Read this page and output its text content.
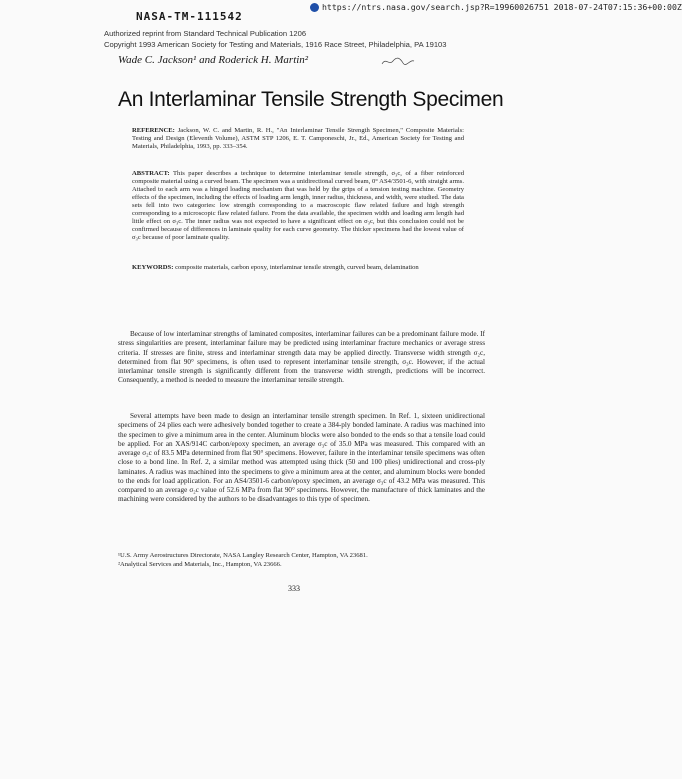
https://ntrs.nasa.gov/search.jsp?R=19960026751 2018-07-24T07:15:36+00:00Z
NASA-TM-111542
Authorized reprint from Standard Technical Publication 1206
Copyright 1993 American Society for Testing and Materials, 1916 Race Street, Philadelphia, PA 19103
Wade C. Jackson¹ and Roderick H. Martin²
An Interlaminar Tensile Strength Specimen
REFERENCE: Jackson, W. C. and Martin, R. H., "An Interlaminar Tensile Strength Specimen," Composite Materials: Testing and Design (Eleventh Volume), ASTM STP 1206, E. T. Camponeschi, Jr., Ed., American Society for Testing and Materials, Philadelphia, 1993, pp. 333–354.
ABSTRACT: This paper describes a technique to determine interlaminar tensile strength, σ₃c, of a fiber reinforced composite material using a curved beam. The specimen was a unidirectional curved beam, 0° AS4/3501-6, with straight arms. Attached to each arm was a hinged loading mechanism that was held by the grips of a tension testing machine. Geometry effects of the specimen, including the effects of loading arm length, inner radius, thickness, and width, were studied. The data sets fell into two categories: low strength corresponding to a macroscopic flaw related failure and high strength corresponding to a microscopic flaw related failure. From the data available, the specimen width and loading arm length had little effect on σ₃c. The inner radius was not expected to have a significant effect on σ₃c, but this conclusion could not be confirmed because of differences in laminate quality for each curve geometry. The thicker specimens had the lowest value of σ₃c because of poor laminate quality.
KEYWORDS: composite materials, carbon epoxy, interlaminar tensile strength, curved beam, delamination

Because of low interlaminar strengths of laminated composites, interlaminar failures can be a predominant failure mode. If stress singularities are present, interlaminar failure may be predicted using interlaminar fracture mechanics or average stress criteria. If stresses are finite, stress and interlaminar strength data may be applied directly. Transverse width strength σ₂c, determined from flat 90° specimens, is often used to represent interlaminar tensile strength, σ₃c. However, if the actual interlaminar tensile strength is significantly different from the transverse width strength, predictions will be incorrect. Consequently, a method is needed to measure the interlaminar tensile strength.

Several attempts have been made to design an interlaminar tensile strength specimen. In Ref. 1, sixteen unidirectional specimens of 24 plies each were adhesively bonded together to create a 384-ply bonded laminate. A radius was machined into the specimen to give a minimum area in the center. Aluminum blocks were also bonded to the ends so that a tensile load could be applied. For an XAS/914C carbon/epoxy specimen, an average σ₃c of 35.0 MPa was measured. This compared with an average σ₂c of 83.5 MPa determined from flat 90° specimens. However, failure in the interlaminar tensile specimens was often close to a bond line. In Ref. 2, a similar method was attempted using thick (50 and 100 plies) unidirectional and cross-ply laminates. A radius was machined into the specimens to give a minimum area at the center, and aluminum blocks were bonded to the ends for load application. For an AS4/3501-6 carbon/epoxy specimen, an average σ₃c of 43.2 MPa was measured. This compared to an average σ₂c value of 52.6 MPa from flat 90° specimens. However, the manufacture of thick laminates and the machining were considered by the authors to be disadvantages to this type of specimen.

¹U.S. Army Aerostructures Directorate, NASA Langley Research Center, Hampton, VA 23681.
²Analytical Services and Materials, Inc., Hampton, VA 23666.
333
